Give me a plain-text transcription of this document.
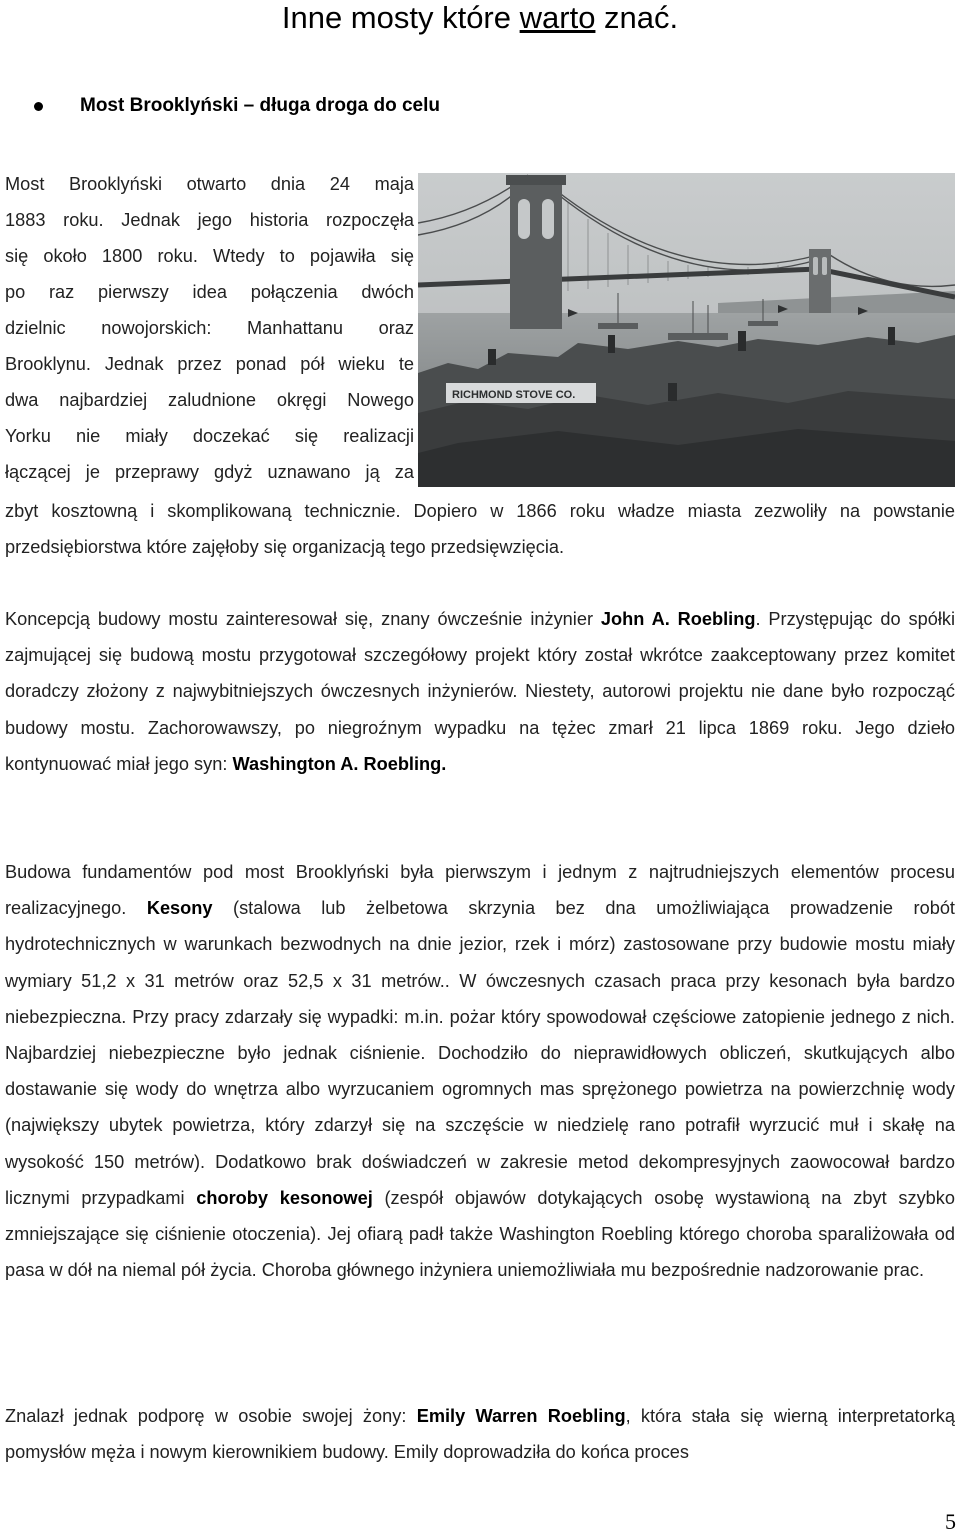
Inne mosty które warto znać.
Most Brooklyński – długa droga do celu

Most Brooklyński otwarto dnia 24 maja

1883 roku. Jednak jego historia rozpoczęła

się około 1800 roku. Wtedy to pojawiła się

po raz pierwszy idea połączenia dwóch

dzielnic nowojorskich: Manhattanu oraz

Brooklynu. Jednak przez ponad pół wieku te

dwa najbardziej zaludnione okręgi Nowego

Yorku nie miały doczekać się realizacji

łączącej je przeprawy gdyż uznawano ją za

zbyt kosztowną i skomplikowaną technicznie. Dopiero w 1866 roku władze miasta zezwoliły na powstanie przedsiębiorstwa które zajęłoby się organizacją tego przedsięwzięcia.

RICHMOND STOVE CO.

Koncepcją budowy mostu zainteresował się, znany ówcześnie inżynier John A. Roebling. Przystępując do spółki zajmującej się budową mostu przygotował szczegółowy projekt który został wkrótce zaakceptowany przez komitet doradczy złożony z najwybitniejszych ówczesnych inżynierów. Niestety, autorowi projektu nie dane było rozpocząć budowy mostu. Zachorowawszy, po niegroźnym wypadku na tężec zmarł 21 lipca 1869 roku. Jego dzieło kontynuować miał jego syn: Washington A. Roebling.

Budowa fundamentów pod most Brooklyński była pierwszym i jednym z najtrudniejszych elementów procesu realizacyjnego. Kesony (stalowa lub żelbetowa skrzynia bez dna umożliwiająca prowadzenie robót hydrotechnicznych w warunkach bezwodnych na dnie jezior, rzek i mórz) zastosowane przy budowie mostu miały wymiary 51,2 x 31 metrów oraz 52,5 x 31 metrów.. W ówczesnych czasach praca przy kesonach była bardzo niebezpieczna. Przy pracy zdarzały się wypadki: m.in. pożar który spowodował częściowe zatopienie jednego z nich. Najbardziej niebezpieczne było jednak ciśnienie. Dochodziło do nieprawidłowych obliczeń, skutkujących albo dostawanie się wody do wnętrza albo wyrzucaniem ogromnych mas sprężonego powietrza na powierzchnię wody (największy ubytek powietrza, który zdarzył się na szczęście w niedzielę rano potrafił wyrzucić muł i skałę na wysokość 150 metrów). Dodatkowo brak doświadczeń w zakresie metod dekompresyjnych zaowocował bardzo licznymi przypadkami choroby kesonowej (zespół objawów dotykających osobę wystawioną na zbyt szybko zmniejszające się ciśnienie otoczenia). Jej ofiarą padł także Washington Roebling którego choroba sparaliżowała od pasa w dół na niemal pół życia. Choroba głównego inżyniera uniemożliwiała mu bezpośrednie nadzorowanie prac.

Znalazł jednak podporę w osobie swojej żony: Emily Warren Roebling, która stała się wierną interpretatorką pomysłów męża i nowym kierownikiem budowy. Emily doprowadziła do końca proces

5
